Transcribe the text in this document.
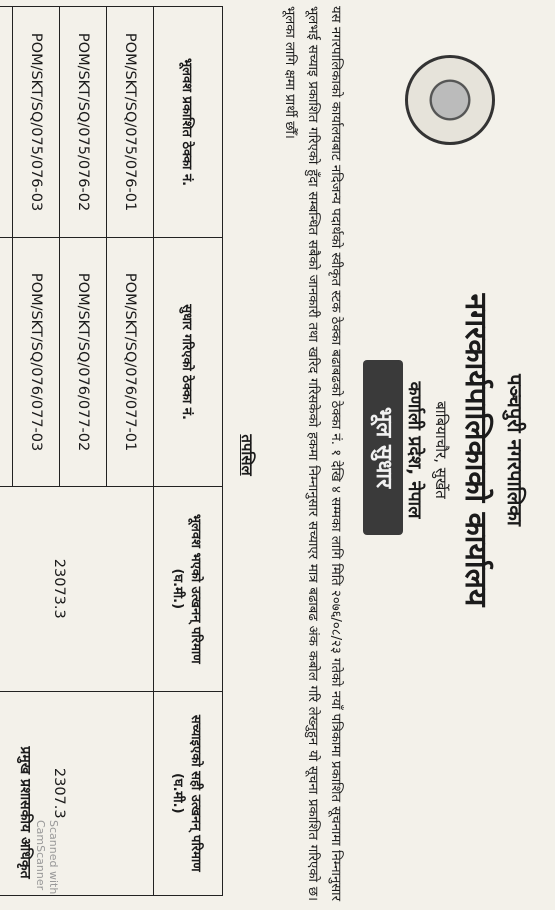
पञ्चपुरी नगरपालिका
नगरकार्यपालिकाको कार्यालय
बाबियाचौर, सुर्खेत
कर्णाली प्रदेश, नेपाल
भूल सुधार
यस नगरपालिकाको कार्यालयबाट नदिजन्य पदार्थको स्वीकृत स्टक ठेक्का बढाबढको ठेक्का नं. १ देखि ४ सम्मका लागि मिति २०७६/०८/२३ गतेको नयाँ पत्रिकामा प्रकाशित सूचनामा निम्नानुसार भूलभई सच्याइ प्रकाशित गरिएको हुँदा सम्बन्धित सबैको जानकारी तथा खरिद गरिसकेको हकमा निम्नानुसार सच्याएर मात्र बढाबढ अंक कबोल गरि लेख्नुहुन यो सूचना प्रकाशित गरिएको छ। भूलका लागि क्षमा प्रार्थी छौँ।
तपसिल
भूलवश प्रकाशित ठेक्का नं.	सुधार गरिएको ठेक्का नं.	भूलवश भएको उत्खनन् परिमाण (घ.मी.)	सच्याइएको सही उत्खनन् परिमाण (घ.मी.)
POM/SKT/SQ/075/076-01	POM/SKT/SQ/076/077-01	23073.3	2307.3
POM/SKT/SQ/075/076-02	POM/SKT/SQ/076/077-02		
POM/SKT/SQ/075/076-03	POM/SKT/SQ/076/077-03		

Scanned with CamScanner
प्रमुख प्रशासकीय अधिकृत
